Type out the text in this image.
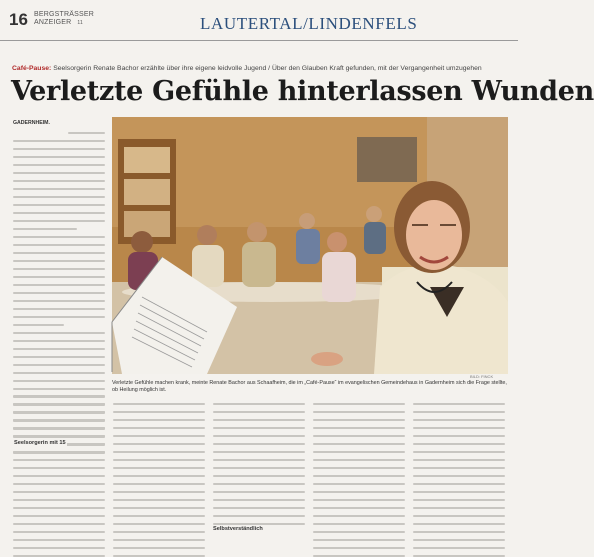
16 BERGSTRÄSSER
ANZEIGER 11	LAUTERTAL/LINDENFELS
Café-Pause: Seelsorgerin Renate Bachor erzählte über ihre eigene leidvolle Jugend / Über den Glauben Kraft gefunden, mit der Vergangenheit umzugehen
Verletzte Gefühle hinterlassen Wunden
GADERNHEIM.
BILD: FINCK
Verletzte Gefühle machen krank, meinte Renate Bachor aus Schaafheim, die im „Café-Pause“ im evangelischen Gemeindehaus in Gadernheim sich die Frage stellte, ob Heilung möglich ist.
Selbstverständlich
Seelsorgerin mit 15
